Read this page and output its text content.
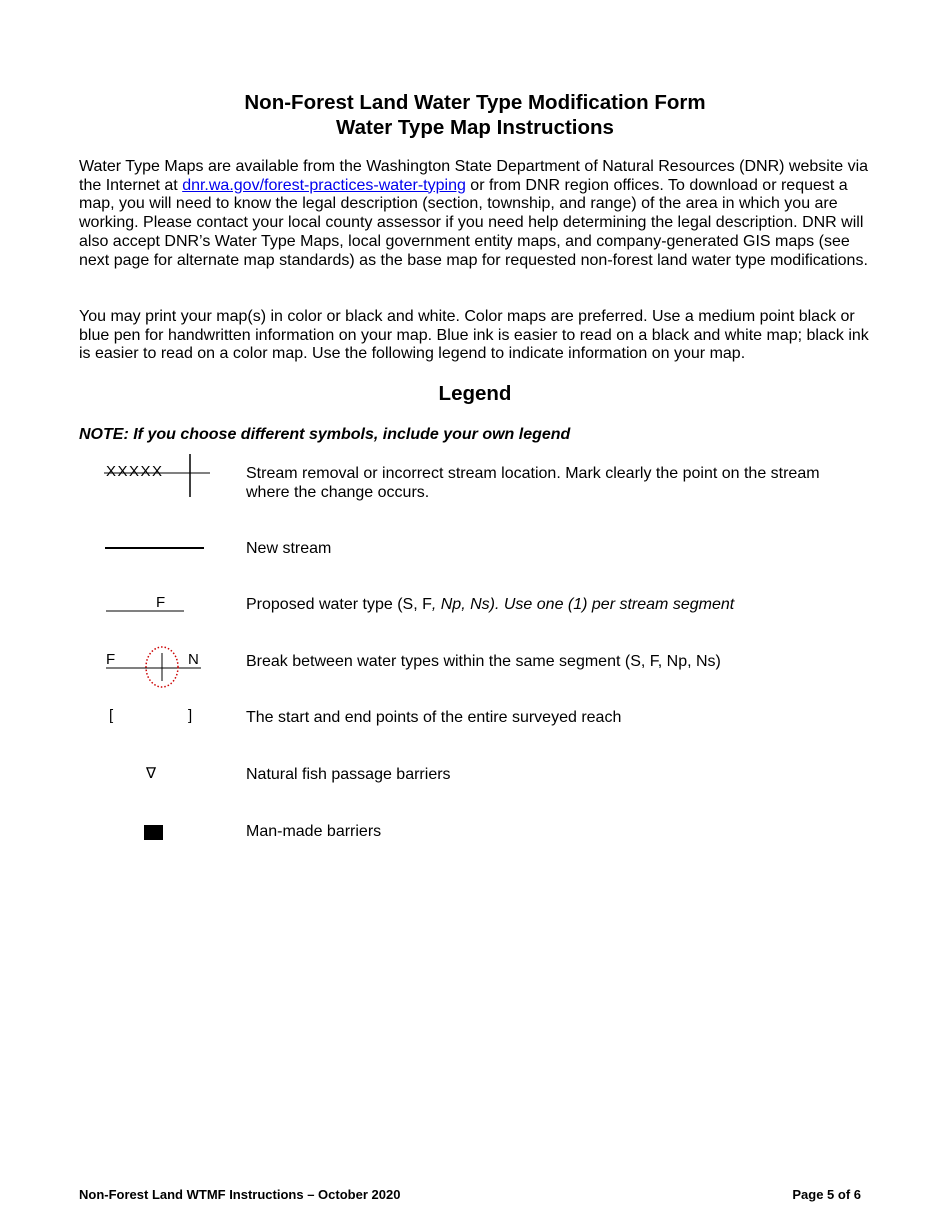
Non-Forest Land Water Type Modification Form
Water Type Map Instructions

Water Type Maps are available from the Washington State Department of Natural Resources (DNR) website via the Internet at dnr.wa.gov/forest-practices-water-typing or from DNR region offices. To download or request a map, you will need to know the legal description (section, township, and range) of the area in which you are working. Please contact your local county assessor if you need help determining the legal description. DNR will also accept DNR’s Water Type Maps, local government entity maps, and company-generated GIS maps (see next page for alternate map standards) as the base map for requested non-forest land water type modifications.

You may print your map(s) in color or black and white. Color maps are preferred. Use a medium point black or blue pen for handwritten information on your map. Blue ink is easier to read on a black and white map; black ink is easier to read on a color map. Use the following legend to indicate information on your map.

Legend
NOTE: If you choose different symbols, include your own legend
XXXXX	Stream removal or incorrect stream location. Mark clearly the point on the stream where the change occurs.
New stream
F	Proposed water type (S, F, Np, Ns). Use one (1) per stream segment
F	N	Break between water types within the same segment (S, F, Np, Ns)
[	]	The start and end points of the entire surveyed reach
∇	Natural fish passage barriers
Man-made barriers
Non-Forest Land WTMF Instructions – October 2020	Page 5 of 6
